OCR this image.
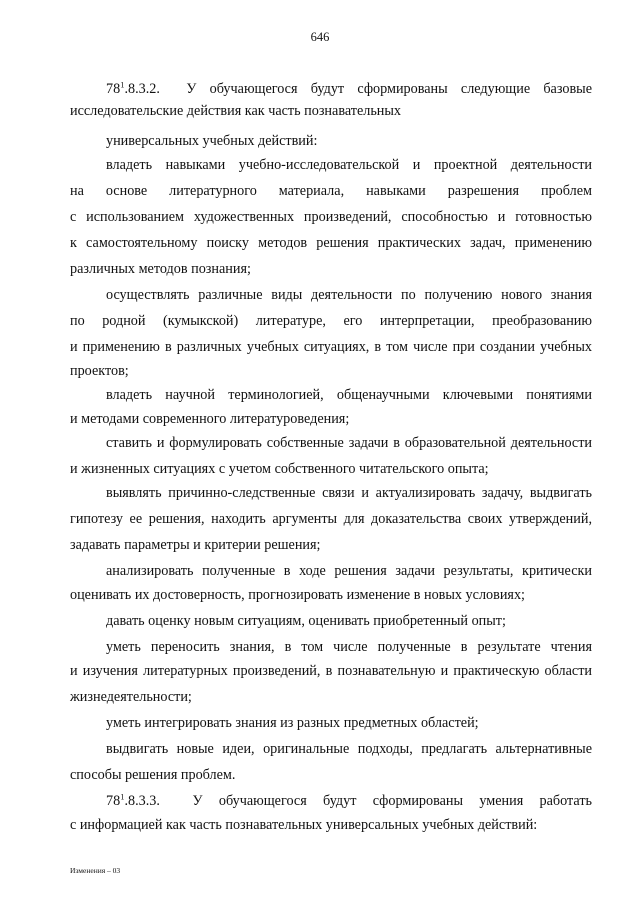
646
$78^1.8.3.2$. У обучающегося будут сформированы следующие базовые
исследовательские действия как часть познавательных
универсальных учебных действий:
владеть навыками учебно-исследовательской и проектной деятельности
на основе литературного материала, навыками разрешения проблем
с использованием художественных произведений, способностью и готовностью
к самостоятельному поиску методов решения практических задач, применению
различных методов познания;
осуществлять различные виды деятельности по получению нового знания
по родной (кумыкской) литературе, его интерпретации, преобразованию
и применению в различных учебных ситуациях, в том числе при создании учебных
проектов;
владеть научной терминологией, общенаучными ключевыми понятиями
и методами современного литературоведения;
ставить и формулировать собственные задачи в образовательной деятельности
и жизненных ситуациях с учетом собственного читательского опыта;
выявлять причинно-следственные связи и актуализировать задачу, выдвигать
гипотезу ее решения, находить аргументы для доказательства своих утверждений,
задавать параметры и критерии решения;
анализировать полученные в ходе решения задачи результаты, критически
оценивать их достоверность, прогнозировать изменение в новых условиях;
давать оценку новым ситуациям, оценивать приобретенный опыт;
уметь переносить знания, в том числе полученные в результате чтения
и изучения литературных произведений, в познавательную и практическую области
жизнедеятельности;
уметь интегрировать знания из разных предметных областей;
выдвигать новые идеи, оригинальные подходы, предлагать альтернативные
способы решения проблем.
$78^1.8.3.3$. У обучающегося будут сформированы умения работать
с информацией как часть познавательных универсальных учебных действий:
Изменения – 03
